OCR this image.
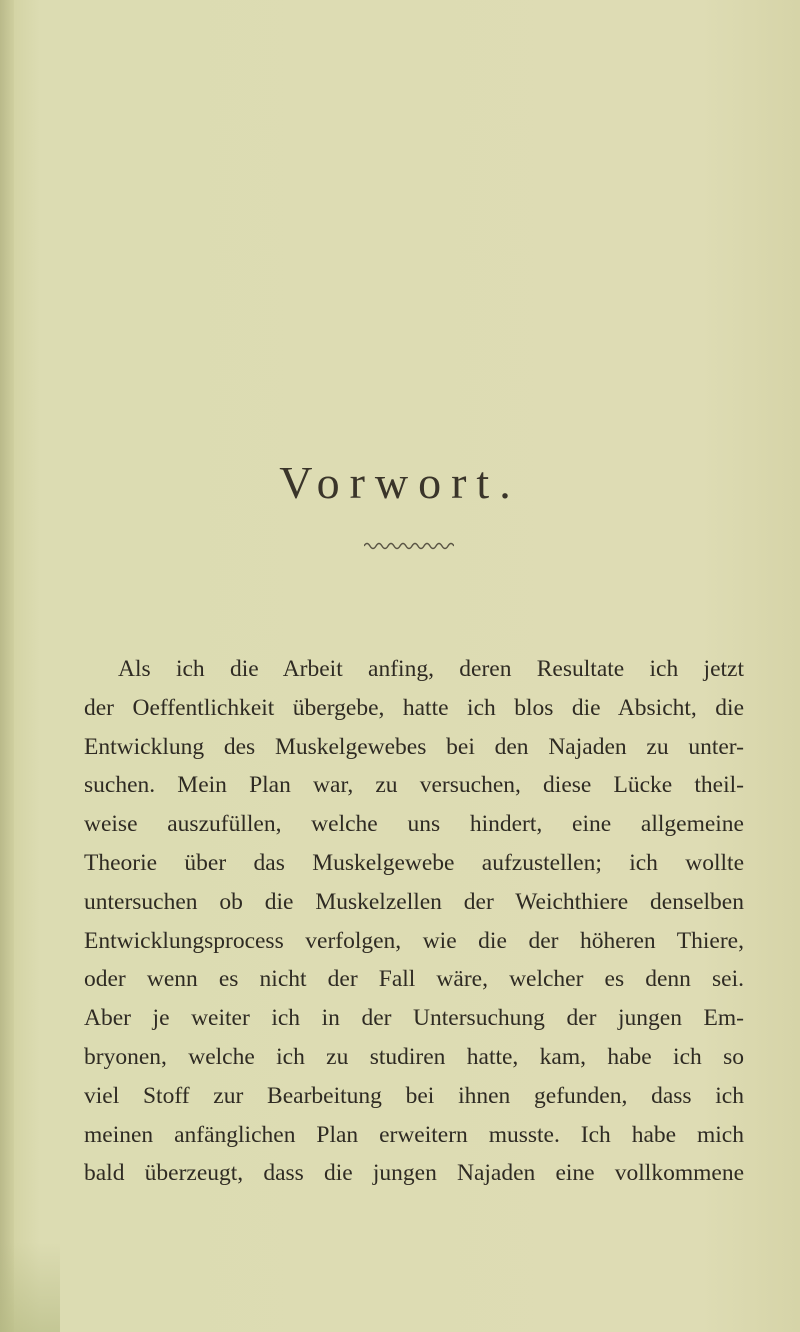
Vorwort.
Als ich die Arbeit anfing, deren Resultate ich jetzt
der Oeffentlichkeit übergebe, hatte ich blos die Absicht, die
Entwicklung des Muskelgewebes bei den Najaden zu unter-
suchen. Mein Plan war, zu versuchen, diese Lücke theil-
weise auszufüllen, welche uns hindert, eine allgemeine
Theorie über das Muskelgewebe aufzustellen; ich wollte
untersuchen ob die Muskelzellen der Weichthiere denselben
Entwicklungsprocess verfolgen, wie die der höheren Thiere,
oder wenn es nicht der Fall wäre, welcher es denn sei.
Aber je weiter ich in der Untersuchung der jungen Em-
bryonen, welche ich zu studiren hatte, kam, habe ich so
viel Stoff zur Bearbeitung bei ihnen gefunden, dass ich
meinen anfänglichen Plan erweitern musste. Ich habe mich
bald überzeugt, dass die jungen Najaden eine vollkommene
